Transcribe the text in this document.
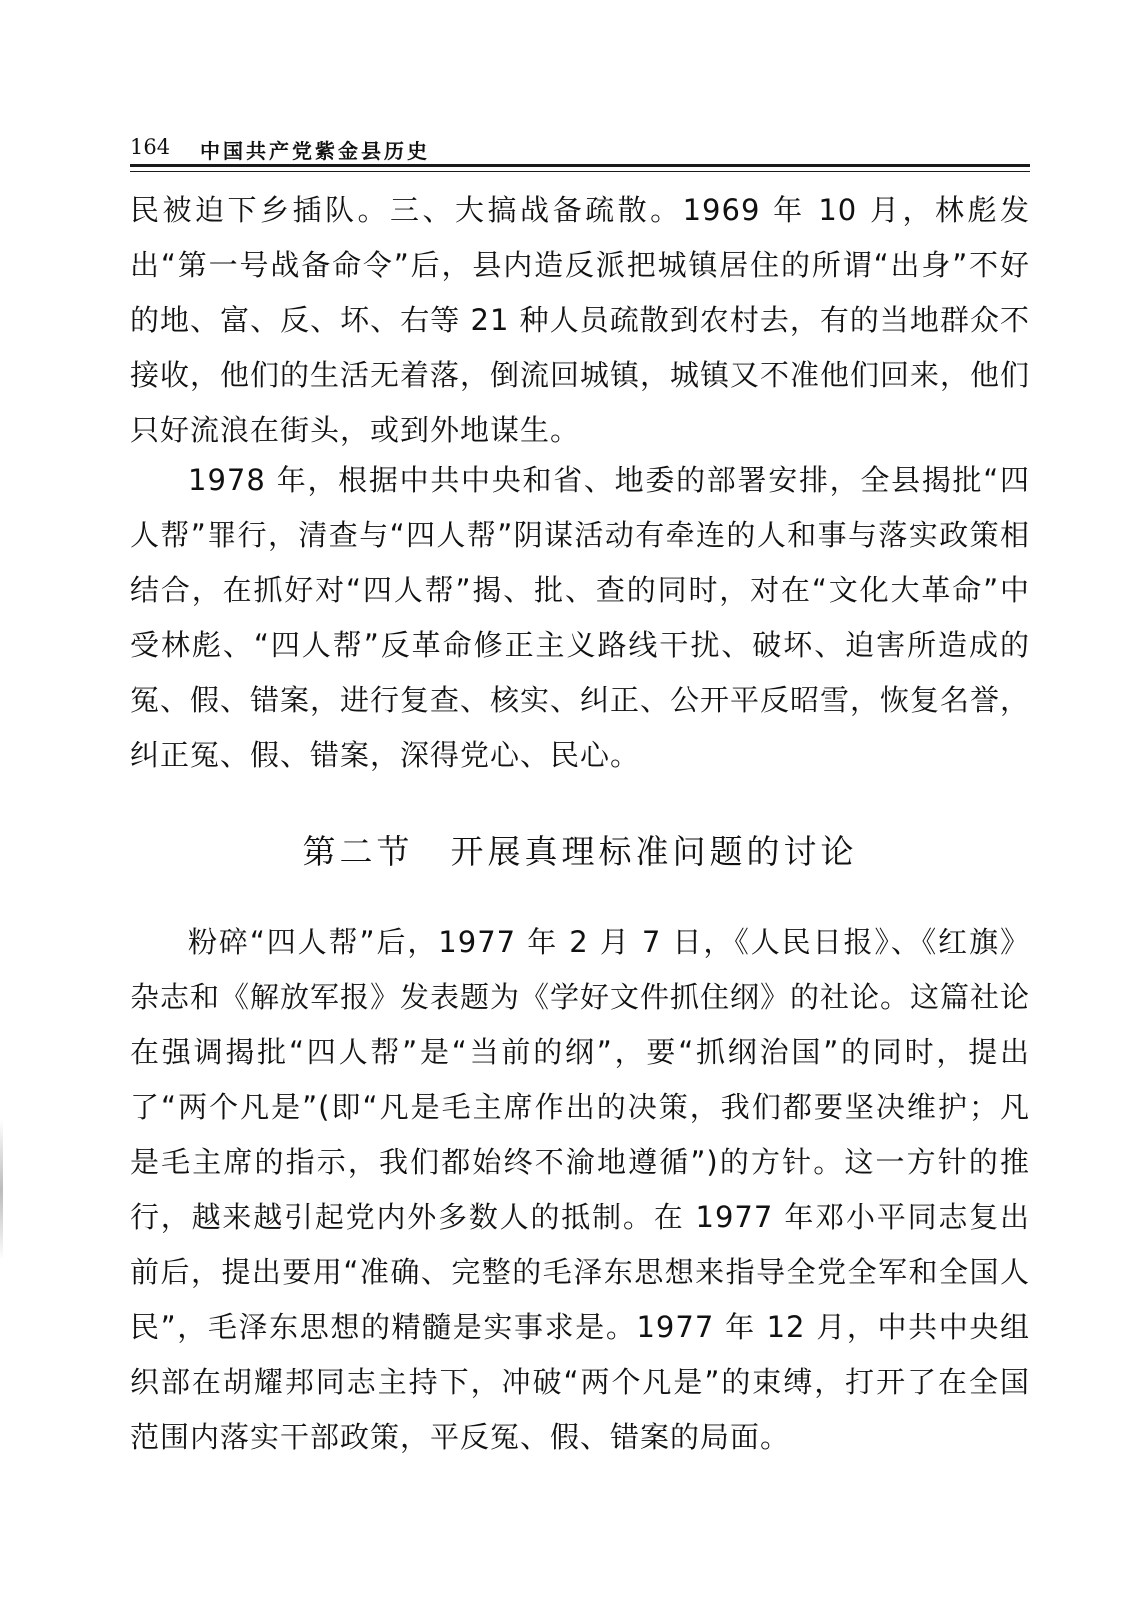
164 中国共产党紫金县历史

民被迫下乡插队。三、大搞战备疏散。1969 年 10 月，林彪发出“第一号战备命令”后，县内造反派把城镇居住的所谓“出身”不好的地、富、反、坏、右等 21 种人员疏散到农村去，有的当地群众不接收，他们的生活无着落，倒流回城镇，城镇又不准他们回来，他们只好流浪在街头，或到外地谋生。

1978 年，根据中共中央和省、地委的部署安排，全县揭批“四人帮”罪行，清查与“四人帮”阴谋活动有牵连的人和事与落实政策相结合，在抓好对“四人帮”揭、批、查的同时，对在“文化大革命”中受林彪、“四人帮”反革命修正主义路线干扰、破坏、迫害所造成的冤、假、错案，进行复查、核实、纠正、公开平反昭雪，恢复名誉，纠正冤、假、错案，深得党心、民心。

第二节　开展真理标准问题的讨论

粉碎“四人帮”后，1977 年 2 月 7 日，《人民日报》、《红旗》杂志和《解放军报》发表题为《学好文件抓住纲》的社论。这篇社论在强调揭批“四人帮”是“当前的纲”，要“抓纲治国”的同时，提出了“两个凡是”(即“凡是毛主席作出的决策，我们都要坚决维护；凡是毛主席的指示，我们都始终不渝地遵循”)的方针。这一方针的推行，越来越引起党内外多数人的抵制。在 1977 年邓小平同志复出前后，提出要用“准确、完整的毛泽东思想来指导全党全军和全国人民”，毛泽东思想的精髓是实事求是。1977 年 12 月，中共中央组织部在胡耀邦同志主持下，冲破“两个凡是”的束缚，打开了在全国范围内落实干部政策，平反冤、假、错案的局面。
